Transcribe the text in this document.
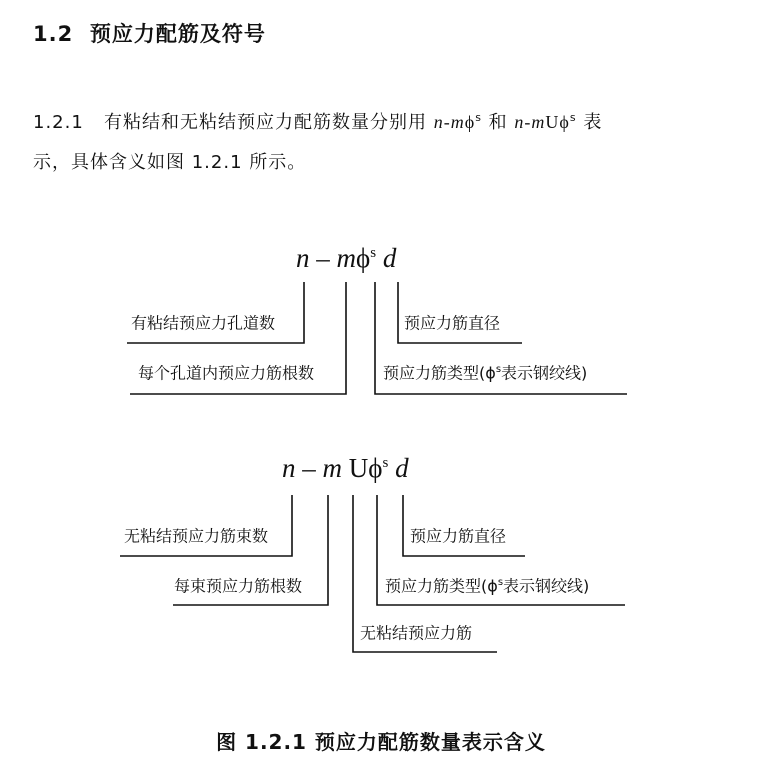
1.2 预应力配筋及符号
1.2.1 有粘结和无粘结预应力配筋数量分别用 $n-m\phi^s$ 和 n-mUϕ$^s$ 表
示，具体含义如图 1.2.1 所示。
n – $m\phi^s$ d
有粘结预应力孔道数
每个孔道内预应力筋根数
预应力筋直径
预应力筋类型($\phi^s$表示钢绞线)
n – m $U\phi^s$ d
无粘结预应力筋束数
每束预应力筋根数
预应力筋直径
预应力筋类型($\phi^s$表示钢绞线)
无粘结预应力筋
图 1.2.1 预应力配筋数量表示含义
